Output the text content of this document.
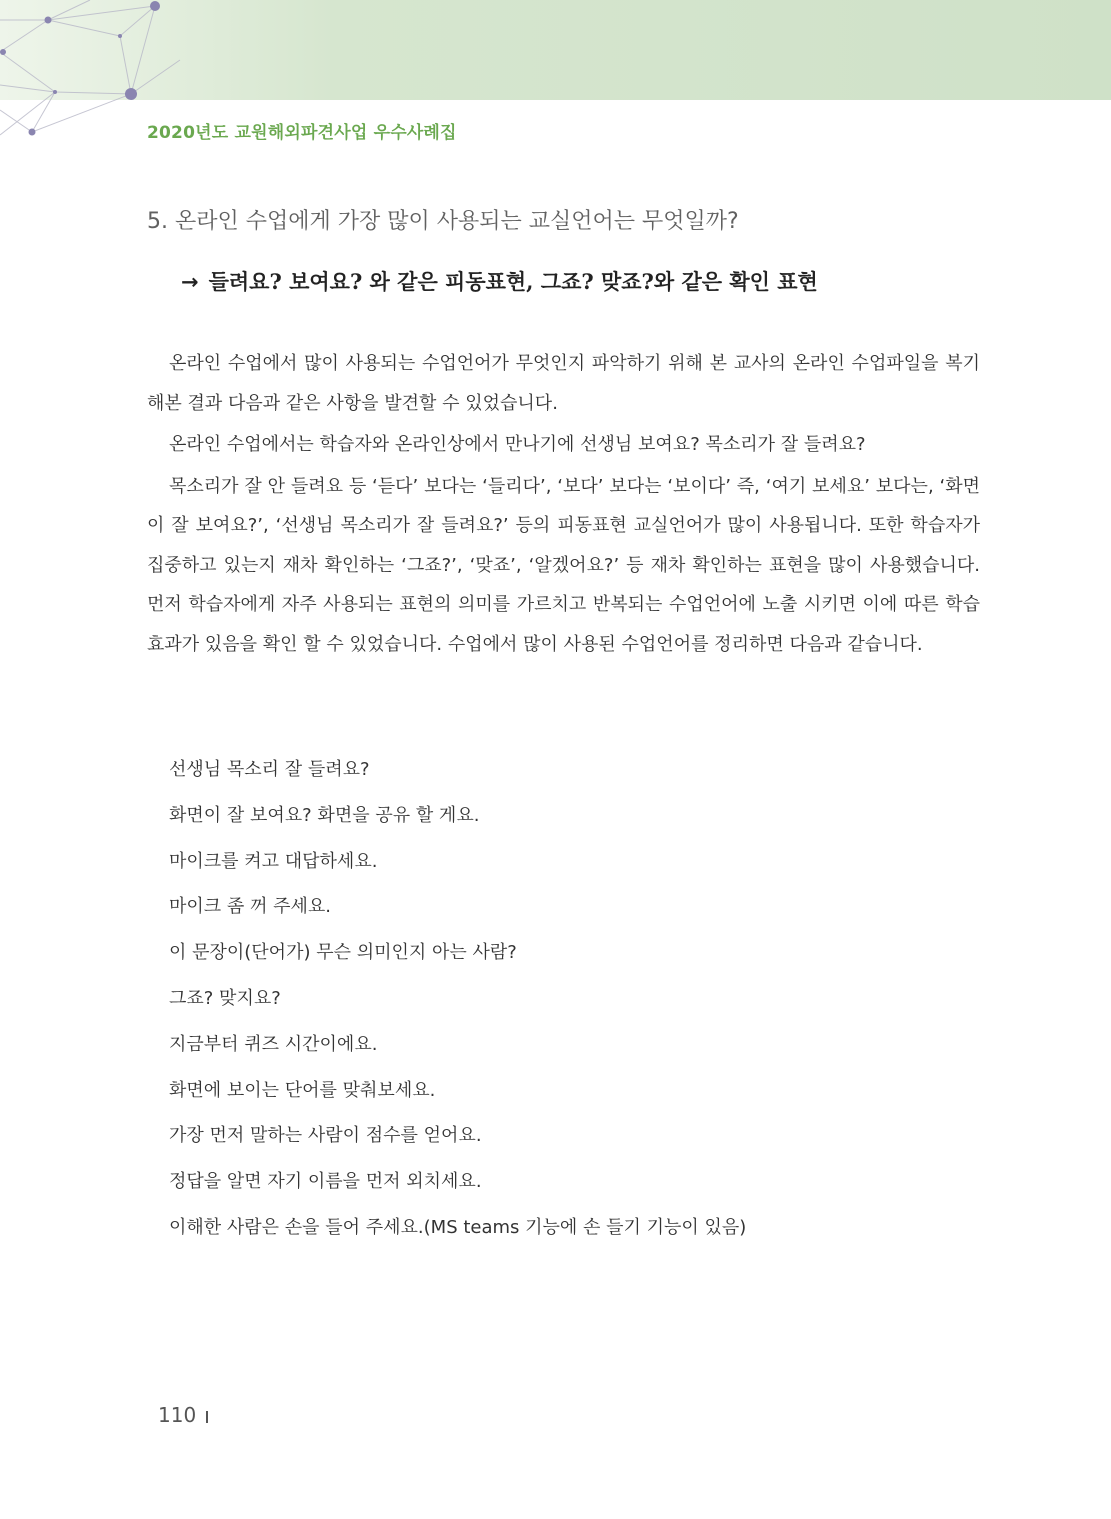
2020년도 교원해외파견사업 우수사례집
5. 온라인 수업에게 가장 많이 사용되는 교실언어는 무엇일까?
→ 들려요? 보여요? 와 같은 피동표현, 그죠? 맞죠?와 같은 확인 표현

온라인 수업에서 많이 사용되는 수업언어가 무엇인지 파악하기 위해 본 교사의 온라인 수업파일을 복기해본 결과 다음과 같은 사항을 발견할 수 있었습니다.

온라인 수업에서는 학습자와 온라인상에서 만나기에 선생님 보여요? 목소리가 잘 들려요?

목소리가 잘 안 들려요 등 ‘듣다’ 보다는 ‘들리다’, ‘보다’ 보다는 ‘보이다’ 즉, ‘여기 보세요’ 보다는, ‘화면이 잘 보여요?’, ‘선생님 목소리가 잘 들려요?’ 등의 피동표현 교실언어가 많이 사용됩니다. 또한 학습자가 집중하고 있는지 재차 확인하는 ‘그죠?’, ‘맞죠’, ‘알겠어요?’ 등 재차 확인하는 표현을 많이 사용했습니다. 먼저 학습자에게 자주 사용되는 표현의 의미를 가르치고 반복되는 수업언어에 노출 시키면 이에 따른 학습효과가 있음을 확인 할 수 있었습니다. 수업에서 많이 사용된 수업언어를 정리하면 다음과 같습니다.

선생님 목소리 잘 들려요?
화면이 잘 보여요? 화면을 공유 할 게요.
마이크를 켜고 대답하세요.
마이크 좀 꺼 주세요.
이 문장이(단어가) 무슨 의미인지 아는 사람?
그죠? 맞지요?
지금부터 퀴즈 시간이에요.
화면에 보이는 단어를 맞춰보세요.
가장 먼저 말하는 사람이 점수를 얻어요.
정답을 알면 자기 이름을 먼저 외치세요.
이해한 사람은 손을 들어 주세요.(MS teams 기능에 손 들기 기능이 있음)
110
